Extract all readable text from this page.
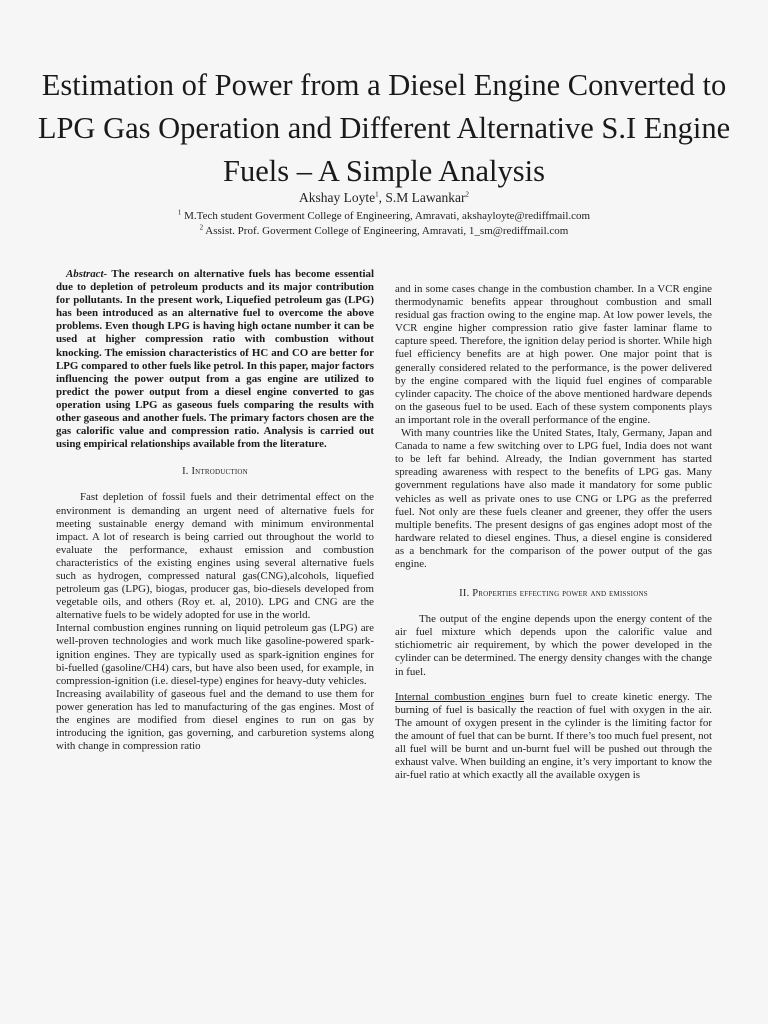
Estimation of Power from a Diesel Engine Converted to LPG Gas Operation and Different Alternative S.I Engine Fuels – A Simple Analysis
Akshay Loyte$^1$, S.M Lawankar$^2$
$^1$ M.Tech student Goverment College of Engineering, Amravati, akshayloyte@rediffmail.com
$^2$ Assist. Prof. Goverment College of Engineering, Amravati, 1_sm@rediffmail.com

Abstract- The research on alternative fuels has become essential due to depletion of petroleum products and its major contribution for pollutants. In the present work, Liquefied petroleum gas (LPG) has been introduced as an alternative fuel to overcome the above problems. Even though LPG is having high octane number it can be used at higher compression ratio with combustion without knocking. The emission characteristics of HC and CO are better for LPG compared to other fuels like petrol. In this paper, major factors influencing the power output from a gas engine are utilized to predict the power output from a diesel engine converted to gas operation using LPG as gaseous fuels comparing the results with other gaseous and another fuels. The primary factors chosen are the gas calorific value and compression ratio. Analysis is carried out using empirical relationships available from the literature.

I. Introduction

Fast depletion of fossil fuels and their detrimental effect on the environment is demanding an urgent need of alternative fuels for meeting sustainable energy demand with minimum environmental impact. A lot of research is being carried out throughout the world to evaluate the performance, exhaust emission and combustion characteristics of the existing engines using several alternative fuels such as hydrogen, compressed natural gas(CNG),alcohols, liquefied petroleum gas (LPG), biogas, producer gas, bio-diesels developed from vegetable oils, and others (Roy et. al, 2010). LPG and CNG are the alternative fuels to be widely adopted for use in the world.

Internal combustion engines running on liquid petroleum gas (LPG) are well-proven technologies and work much like gasoline-powered spark-ignition engines. They are typically used as spark-ignition engines for bi-fuelled (gasoline/CH4) cars, but have also been used, for example, in compression-ignition (i.e. diesel-type) engines for heavy-duty vehicles.

Increasing availability of gaseous fuel and the demand to use them for power generation has led to manufacturing of the gas engines. Most of the engines are modified from diesel engines to run on gas by introducing the ignition, gas governing, and carburetion systems along with change in compression ratio

and in some cases change in the combustion chamber. In a VCR engine thermodynamic benefits appear throughout combustion and small residual gas fraction owing to the engine map. At low power levels, the VCR engine higher compression ratio give faster laminar flame to capture speed. Therefore, the ignition delay period is shorter. While high fuel efficiency benefits are at high power. One major point that is generally considered related to the performance, is the power delivered by the engine compared with the liquid fuel engines of comparable cylinder capacity. The choice of the above mentioned hardware depends on the gaseous fuel to be used. Each of these system components plays an important role in the overall performance of the engine.

With many countries like the United States, Italy, Germany, Japan and Canada to name a few switching over to LPG fuel, India does not want to be left far behind. Already, the Indian government has started spreading awareness with respect to the benefits of LPG gas. Many government regulations have also made it mandatory for some public vehicles as well as private ones to use CNG or LPG as the preferred fuel. Not only are these fuels cleaner and greener, they offer the users multiple benefits. The present designs of gas engines adopt most of the hardware related to diesel engines. Thus, a diesel engine is considered as a benchmark for the comparison of the power output of the gas engine.

II. Properties effecting power and emissions

The output of the engine depends upon the energy content of the air fuel mixture which depends upon the calorific value and stichiometric air requirement, by which the power developed in the cylinder can be determined. The energy density changes with the change in fuel.

Internal combustion engines burn fuel to create kinetic energy. The burning of fuel is basically the reaction of fuel with oxygen in the air. The amount of oxygen present in the cylinder is the limiting factor for the amount of fuel that can be burnt. If there’s too much fuel present, not all fuel will be burnt and un-burnt fuel will be pushed out through the exhaust valve. When building an engine, it’s very important to know the air-fuel ratio at which exactly all the available oxygen is
